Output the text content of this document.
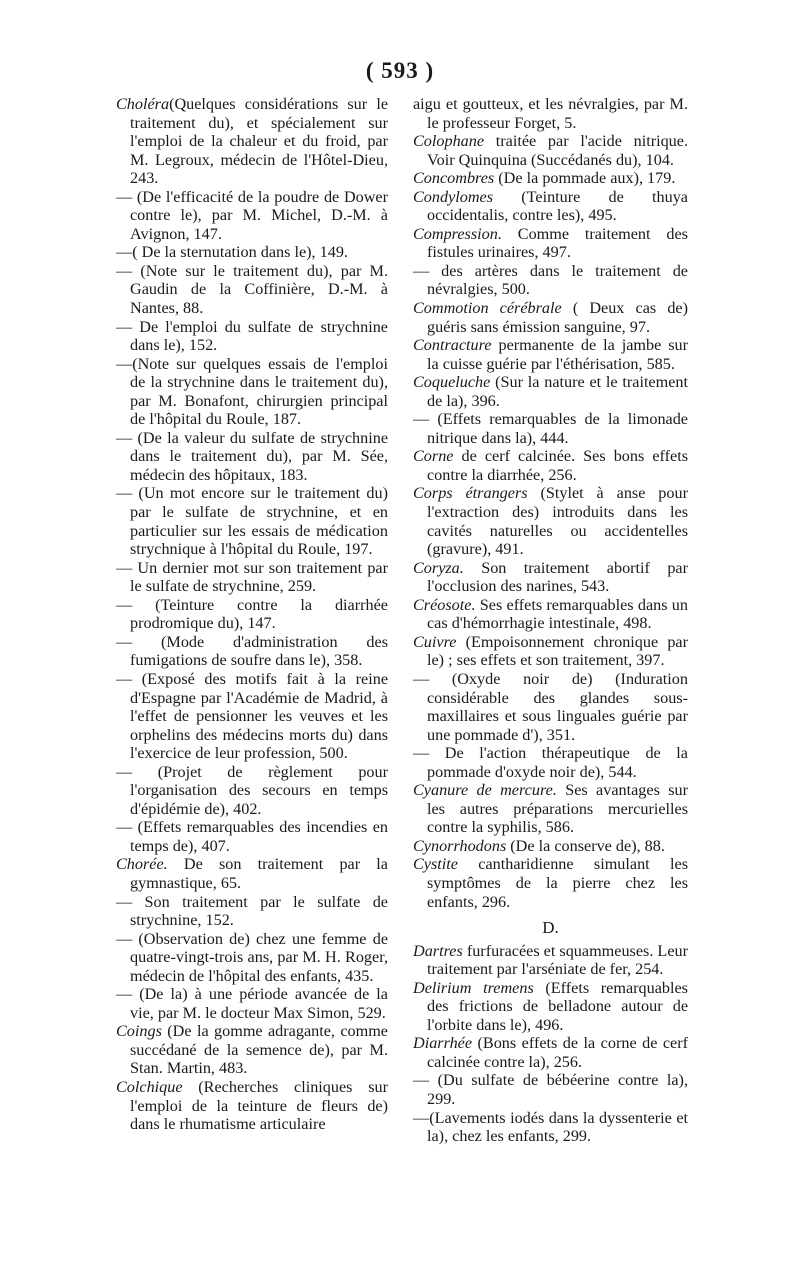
( 593 )
Choléra(Quelques considérations sur le traitement du), et spécialement sur l'emploi de la chaleur et du froid, par M. Legroux, médecin de l'Hôtel-Dieu, 243.
— (De l'efficacité de la poudre de Dower contre le), par M. Michel, D.-M. à Avignon, 147.
—( De la sternutation dans le), 149.
— (Note sur le traitement du), par M. Gaudin de la Coffinière, D.-M. à Nantes, 88.
— De l'emploi du sulfate de strychnine dans le), 152.
—(Note sur quelques essais de l'emploi de la strychnine dans le traitement du), par M. Bonafont, chirurgien principal de l'hôpital du Roule, 187.
— (De la valeur du sulfate de strychnine dans le traitement du), par M. Sée, médecin des hôpitaux, 183.
— (Un mot encore sur le traitement du) par le sulfate de strychnine, et en particulier sur les essais de médication strychnique à l'hôpital du Roule, 197.
— Un dernier mot sur son traitement par le sulfate de strychnine, 259.
— (Teinture contre la diarrhée prodromique du), 147.
— (Mode d'administration des fumigations de soufre dans le), 358.
— (Exposé des motifs fait à la reine d'Espagne par l'Académie de Madrid, à l'effet de pensionner les veuves et les orphelins des médecins morts du) dans l'exercice de leur profession, 500.
— (Projet de règlement pour l'organisation des secours en temps d'épidémie de), 402.
— (Effets remarquables des incendies en temps de), 407.
Chorée. De son traitement par la gymnastique, 65.
— Son traitement par le sulfate de strychnine, 152.
— (Observation de) chez une femme de quatre-vingt-trois ans, par M. H. Roger, médecin de l'hôpital des enfants, 435.
— (De la) à une période avancée de la vie, par M. le docteur Max Simon, 529.
Coings (De la gomme adragante, comme succédané de la semence de), par M. Stan. Martin, 483.
Colchique (Recherches cliniques sur l'emploi de la teinture de fleurs de) dans le rhumatisme articulaire
aigu et goutteux, et les névralgies, par M. le professeur Forget, 5.
Colophane traitée par l'acide nitrique. Voir Quinquina (Succédanés du), 104.
Concombres (De la pommade aux), 179.
Condylomes (Teinture de thuya occidentalis, contre les), 495.
Compression. Comme traitement des fistules urinaires, 497.
— des artères dans le traitement de névralgies, 500.
Commotion cérébrale ( Deux cas de) guéris sans émission sanguine, 97.
Contracture permanente de la jambe sur la cuisse guérie par l'éthérisation, 585.
Coqueluche (Sur la nature et le traitement de la), 396.
— (Effets remarquables de la limonade nitrique dans la), 444.
Corne de cerf calcinée. Ses bons effets contre la diarrhée, 256.
Corps étrangers (Stylet à anse pour l'extraction des) introduits dans les cavités naturelles ou accidentelles (gravure), 491.
Coryza. Son traitement abortif par l'occlusion des narines, 543.
Créosote. Ses effets remarquables dans un cas d'hémorrhagie intestinale, 498.
Cuivre (Empoisonnement chronique par le) ; ses effets et son traitement, 397.
— (Oxyde noir de) (Induration considérable des glandes sous-maxillaires et sous linguales guérie par une pommade d'), 351.
— De l'action thérapeutique de la pommade d'oxyde noir de), 544.
Cyanure de mercure. Ses avantages sur les autres préparations mercurielles contre la syphilis, 586.
Cynorrhodons (De la conserve de), 88.
Cystite cantharidienne simulant les symptômes de la pierre chez les enfants, 296.
D.
Dartres furfuracées et squammeuses. Leur traitement par l'arséniate de fer, 254.
Delirium tremens (Effets remarquables des frictions de belladone autour de l'orbite dans le), 496.
Diarrhée (Bons effets de la corne de cerf calcinée contre la), 256.
— (Du sulfate de bébéerine contre la), 299.
—(Lavements iodés dans la dyssenterie et la), chez les enfants, 299.
